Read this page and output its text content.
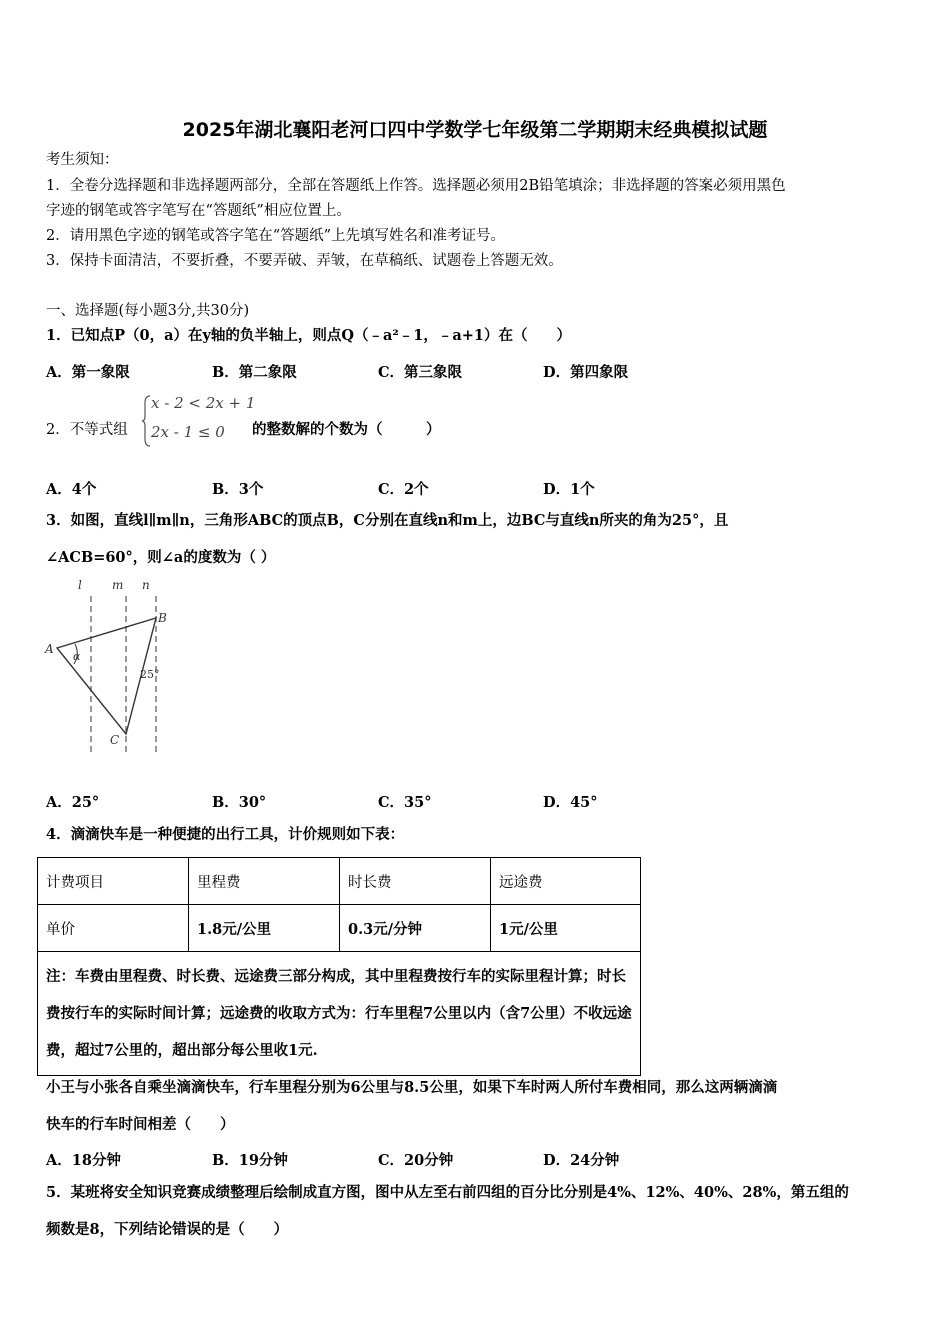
2025年湖北襄阳老河口四中学数学七年级第二学期期末经典模拟试题
考生须知：
1．全卷分选择题和非选择题两部分，全部在答题纸上作答。选择题必须用2B铅笔填涂；非选择题的答案必须用黑色
字迹的钢笔或答字笔写在“答题纸”相应位置上。
2．请用黑色字迹的钢笔或答字笔在“答题纸”上先填写姓名和准考证号。
3．保持卡面清洁，不要折叠，不要弄破、弄皱，在草稿纸、试题卷上答题无效。
一、选择题(每小题3分,共30分)
1．已知点P（0，a）在y轴的负半轴上，则点Q（﹣a²﹣1，﹣a+1）在（　　）
A．第一象限	B．第二象限	C．第三象限	D．第四象限
2．不等式组
x - 2 < 2x + 1
2x - 1 ≤ 0 的整数解的个数为（　　　）
A．4个	B．3个	C．2个	D．1个
3．如图，直线l∥m∥n，三角形ABC的顶点B，C分别在直线n和m上，边BC与直线n所夹的角为25°，且
∠ACB=60°，则∠a的度数为（ ）
l	m n
A
B
C
α
25°
A．25°	B．30°	C．35°	D．45°
4．滴滴快车是一种便捷的出行工具，计价规则如下表：
计费项目	里程费	时长费	远途费
单价	1.8元/公里	0.3元/分钟	1元/公里
注：车费由里程费、时长费、远途费三部分构成，其中里程费按行车的实际里程计算；时长费按行车的实际时间计算；远途费的收取方式为：行车里程7公里以内（含7公里）不收远途费，超过7公里的，超出部分每公里收1元.			
小王与小张各自乘坐滴滴快车，行车里程分别为6公里与8.5公里，如果下车时两人所付车费相同，那么这两辆滴滴
快车的行车时间相差（　　）
A．18分钟	B．19分钟	C．20分钟	D．24分钟
5．某班将安全知识竞赛成绩整理后绘制成直方图，图中从左至右前四组的百分比分别是4%、12%、40%、28%，第五组的
频数是8，下列结论错误的是（　　）
